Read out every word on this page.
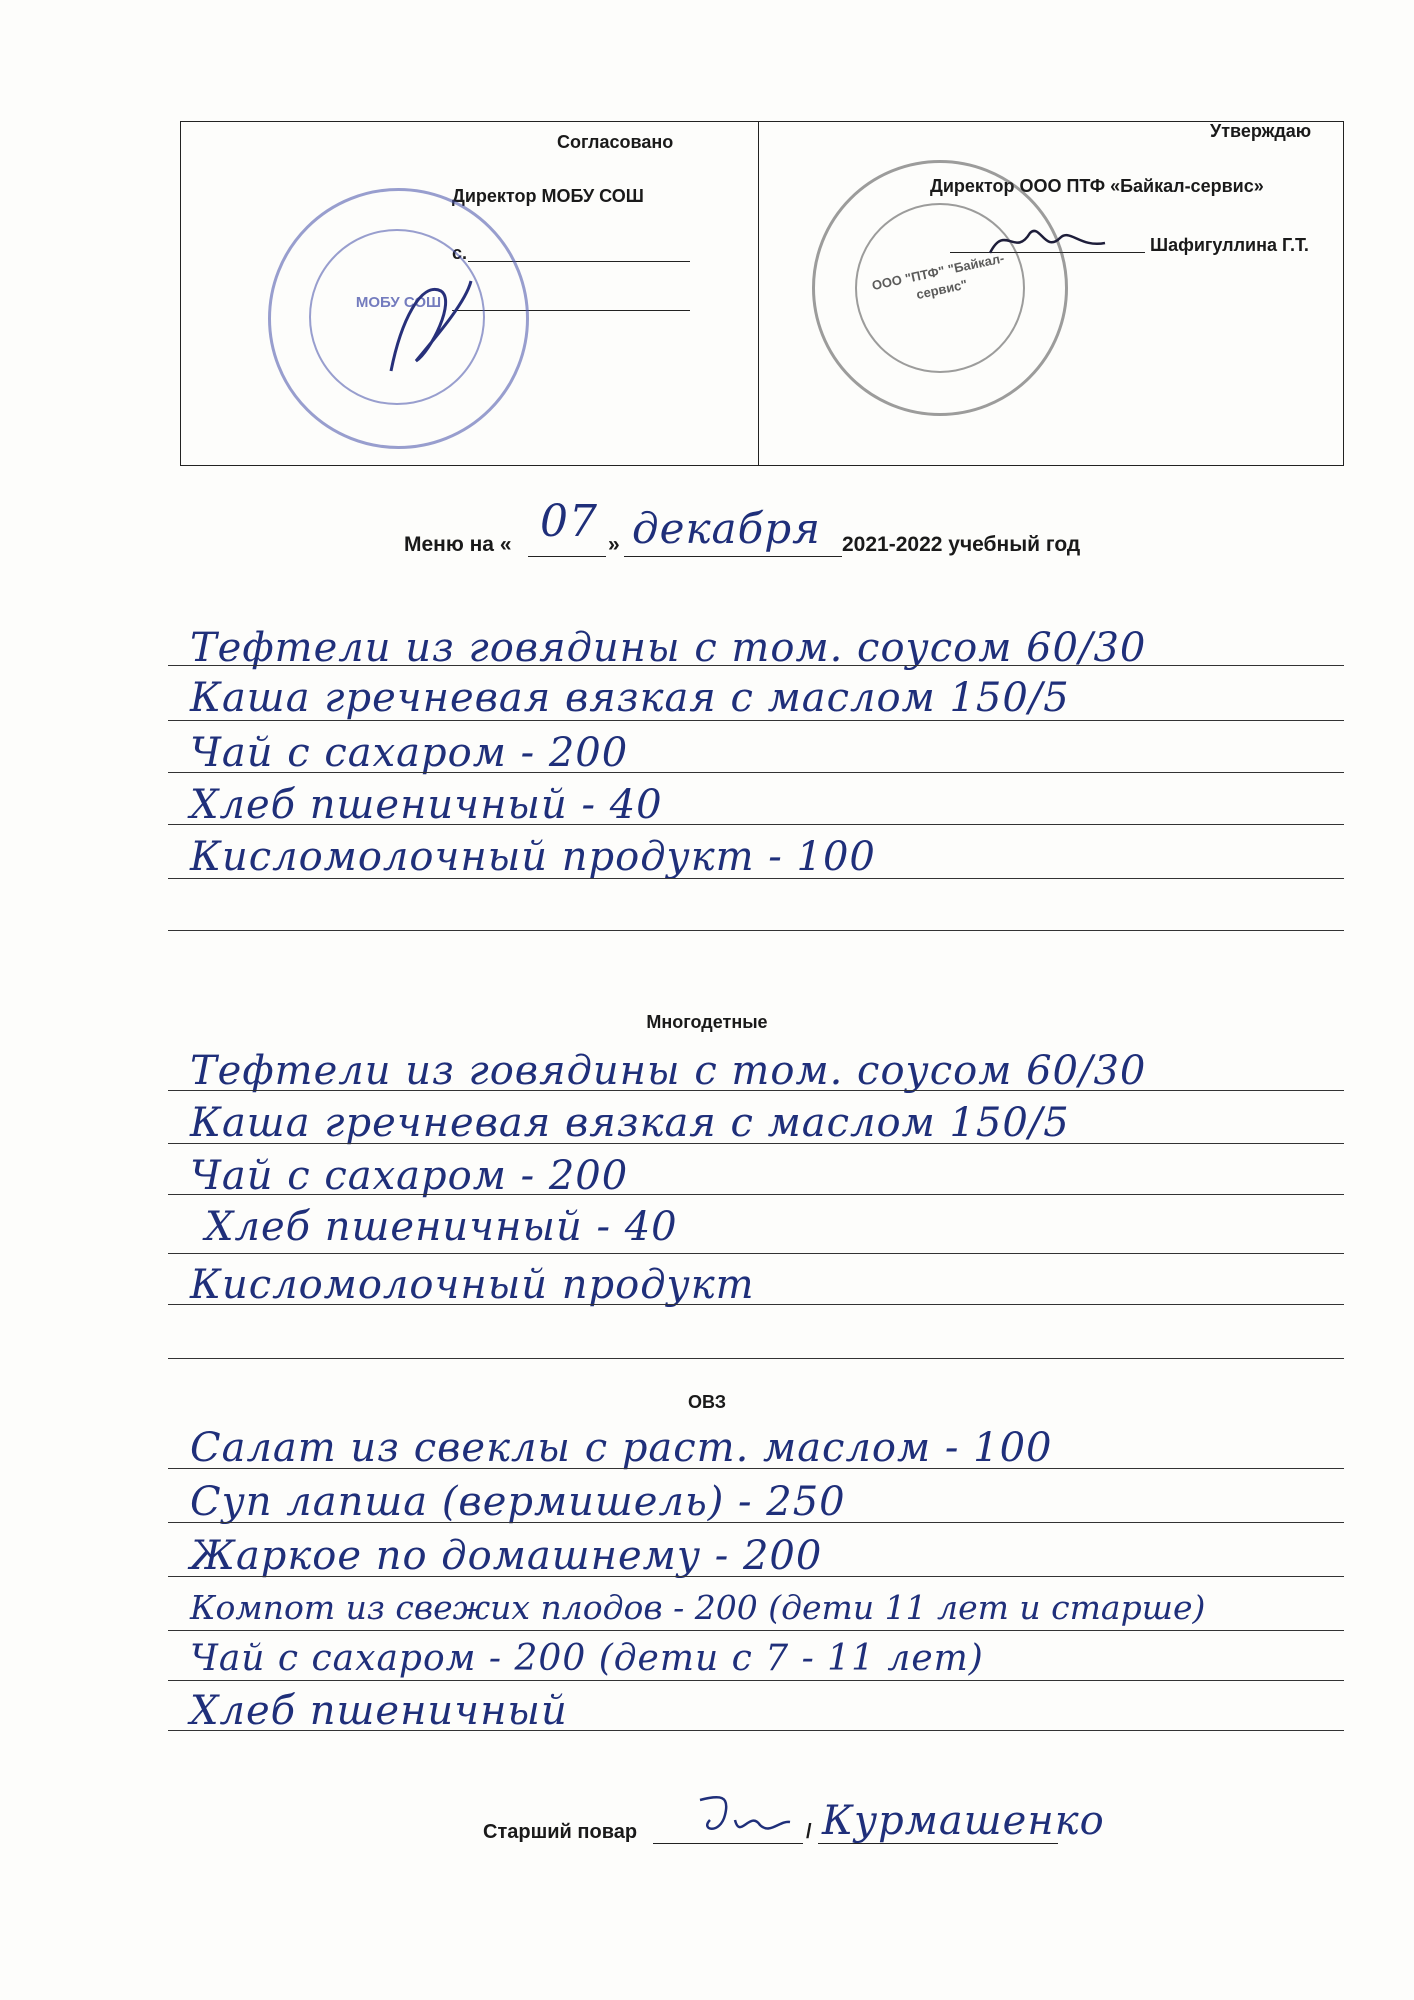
Согласовано
Директор МОБУ СОШ
с.
Утверждаю
Директор ООО ПТФ «Байкал-сервис»
Шафигуллина Г.Т.
МОБУ СОШ
ООО "ПТФ" "Байкал-сервис"
Меню на « 07 » декабря 2021-2022 учебный год
Тефтели из говядины с том. соусом 60/30
Каша гречневая вязкая с маслом 150/5
Чай с сахаром - 200
Хлеб пшеничный - 40
Кисломолочный продукт - 100
Многодетные
Тефтели из говядины с том. соусом 60/30
Каша гречневая вязкая с маслом 150/5
Чай с сахаром - 200
Хлеб пшеничный - 40
Кисломолочный продукт
ОВЗ
Салат из свеклы с раст. маслом - 100
Суп лапша (вермишель) - 250
Жаркое по домашнему - 200
Компот из свежих плодов - 200 (дети 11 лет и старше)
Чай с сахаром - 200 (дети с 7 - 11 лет)
Хлеб пшеничный
Старший повар	/ Курмашенко
